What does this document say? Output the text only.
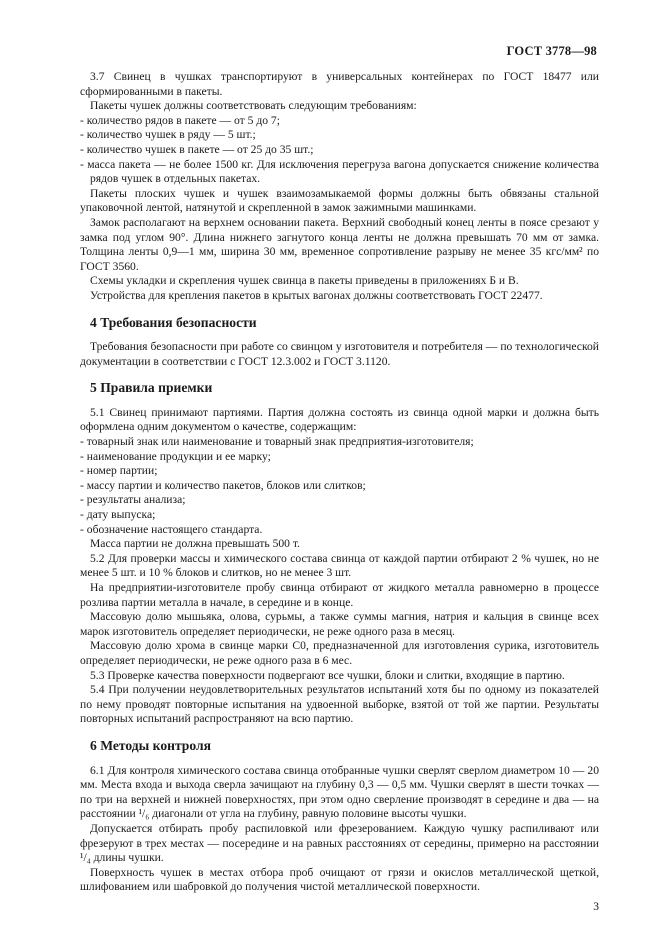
ГОСТ 3778—98

3.7 Свинец в чушках транспортируют в универсальных контейнерах по ГОСТ 18477 или сформированными в пакеты.

Пакеты чушек должны соответствовать следующим требованиям:

- количество рядов в пакете — от 5 до 7;

- количество чушек в ряду — 5 шт.;

- количество чушек в пакете — от 25 до 35 шт.;

- масса пакета — не более 1500 кг. Для исключения перегруза вагона допускается снижение количества рядов чушек в отдельных пакетах.

Пакеты плоских чушек и чушек взаимозамыкаемой формы должны быть обвязаны стальной упаковочной лентой, натянутой и скрепленной в замок зажимными машинками.

Замок располагают на верхнем основании пакета. Верхний свободный конец ленты в поясе срезают у замка под углом 90°. Длина нижнего загнутого конца ленты не должна превышать 70 мм от замка. Толщина ленты 0,9—1 мм, ширина 30 мм, временное сопротивление разрыву не менее 35 кгс/мм² по ГОСТ 3560.

Схемы укладки и скрепления чушек свинца в пакеты приведены в приложениях Б и В.

Устройства для крепления пакетов в крытых вагонах должны соответствовать ГОСТ 22477.

4 Требования безопасности

Требования безопасности при работе со свинцом у изготовителя и потребителя — по технологической документации в соответствии с ГОСТ 12.3.002 и ГОСТ 3.1120.

5 Правила приемки

5.1 Свинец принимают партиями. Партия должна состоять из свинца одной марки и должна быть оформлена одним документом о качестве, содержащим:

- товарный знак или наименование и товарный знак предприятия-изготовителя;

- наименование продукции и ее марку;

- номер партии;

- массу партии и количество пакетов, блоков или слитков;

- результаты анализа;

- дату выпуска;

- обозначение настоящего стандарта.

Масса партии не должна превышать 500 т.

5.2 Для проверки массы и химического состава свинца от каждой партии отбирают 2 % чушек, но не менее 5 шт. и 10 % блоков и слитков, но не менее 3 шт.

На предприятии-изготовителе пробу свинца отбирают от жидкого металла равномерно в процессе розлива партии металла в начале, в середине и в конце.

Массовую долю мышьяка, олова, сурьмы, а также суммы магния, натрия и кальция в свинце всех марок изготовитель определяет периодически, не реже одного раза в месяц.

Массовую долю хрома в свинце марки С0, предназначенной для изготовления сурика, изготовитель определяет периодически, не реже одного раза в 6 мес.

5.3 Проверке качества поверхности подвергают все чушки, блоки и слитки, входящие в партию.

5.4 При получении неудовлетворительных результатов испытаний хотя бы по одному из показателей по нему проводят повторные испытания на удвоенной выборке, взятой от той же партии. Результаты повторных испытаний распространяют на всю партию.

6 Методы контроля

6.1 Для контроля химического состава свинца отобранные чушки сверлят сверлом диаметром 10 — 20 мм. Места входа и выхода сверла зачищают на глубину 0,3 — 0,5 мм. Чушки сверлят в шести точках — по три на верхней и нижней поверхностях, при этом одно сверление производят в середине и два — на расстоянии ¹/₆ диагонали от угла на глубину, равную половине высоты чушки.

Допускается отбирать пробу распиловкой или фрезерованием. Каждую чушку распиливают или фрезеруют в трех местах — посередине и на равных расстояниях от середины, примерно на расстоянии ¹/₄ длины чушки.

Поверхность чушек в местах отбора проб очищают от грязи и окислов металлической щеткой, шлифованием или шабровкой до получения чистой металлической поверхности.

3
